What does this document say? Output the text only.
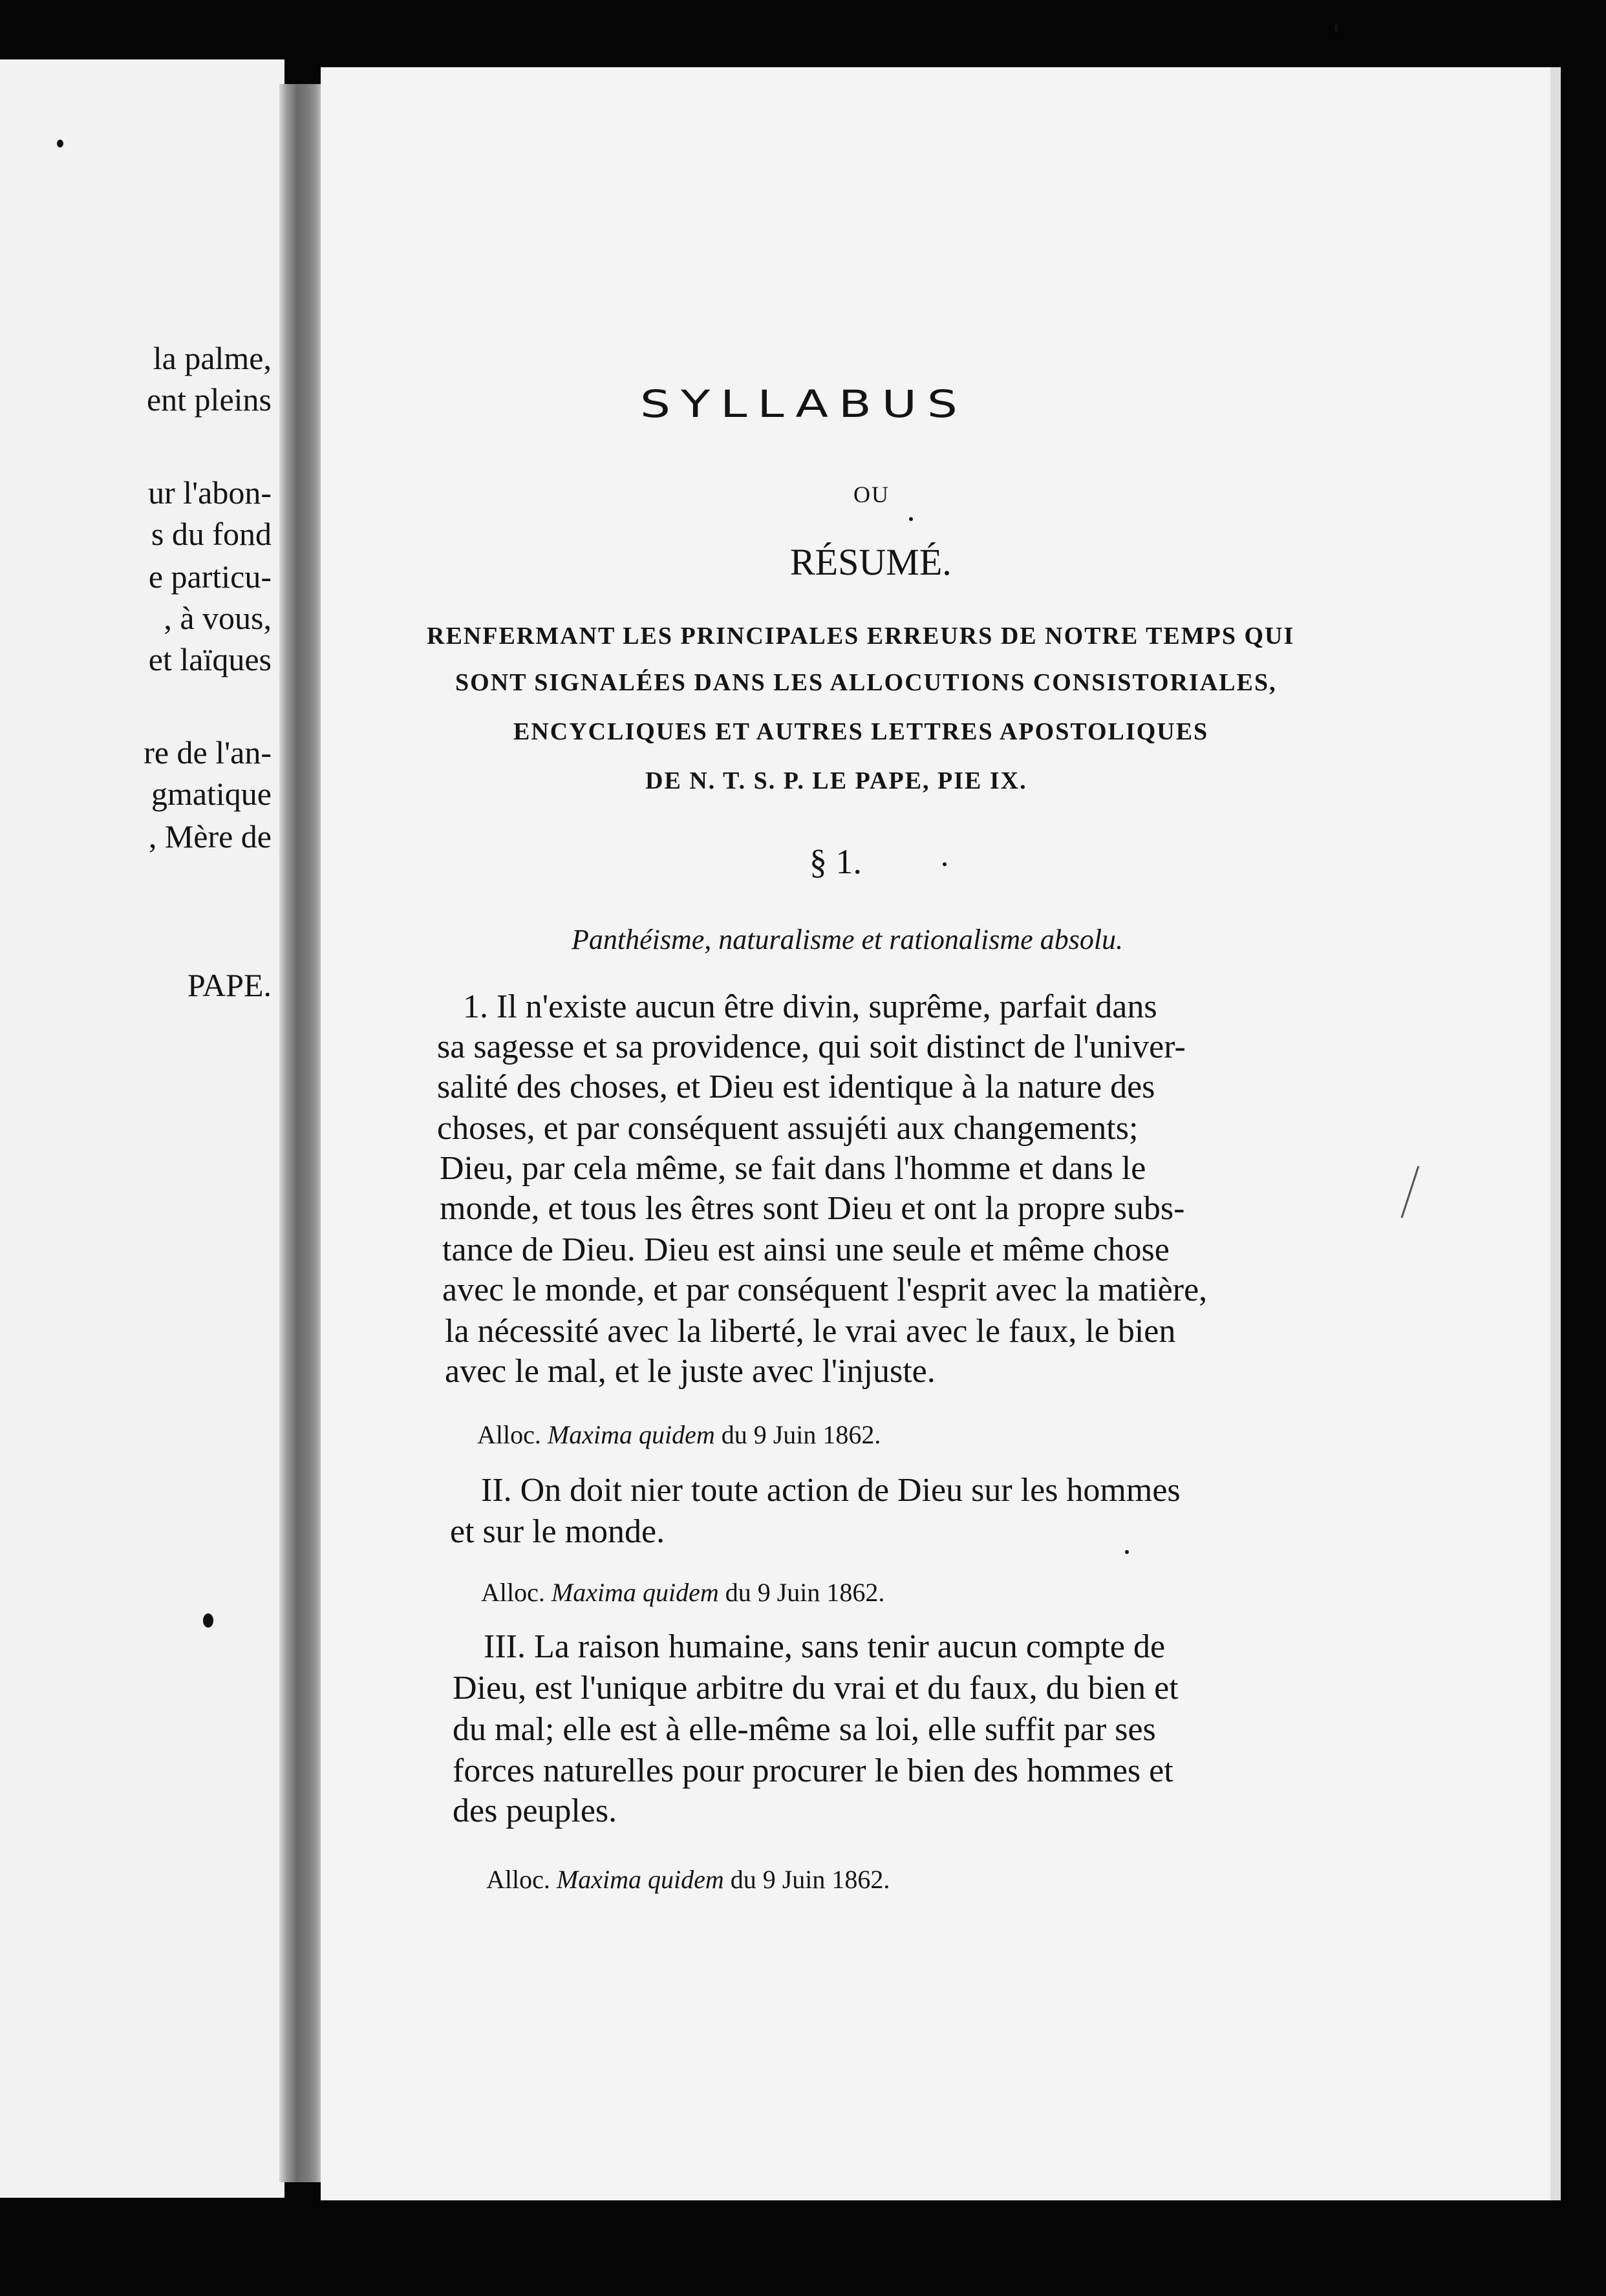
la palme,
ent pleins
ur l'abon-
s du fond
e particu-
, à vous,
et laïques
re de l'an-
gmatique
, Mère de
PAPE.
SYLLABUS
OU
RÉSUMÉ.
RENFERMANT LES PRINCIPALES ERREURS DE NOTRE TEMPS QUI
SONT SIGNALÉES DANS LES ALLOCUTIONS CONSISTORIALES,
ENCYCLIQUES ET AUTRES LETTRES APOSTOLIQUES
DE N. T. S. P. LE PAPE, PIE IX.
§ 1.
Panthéisme, naturalisme et rationalisme absolu.
1. Il n'existe aucun être divin, suprême, parfait dans
sa sagesse et sa providence, qui soit distinct de l'univer-
salité des choses, et Dieu est identique à la nature des
choses, et par conséquent assujéti aux changements;
Dieu, par cela même, se fait dans l'homme et dans le
monde, et tous les êtres sont Dieu et ont la propre subs-
tance de Dieu. Dieu est ainsi une seule et même chose
avec le monde, et par conséquent l'esprit avec la matière,
la nécessité avec la liberté, le vrai avec le faux, le bien
avec le mal, et le juste avec l'injuste.
Alloc. Maxima quidem du 9 Juin 1862.
II. On doit nier toute action de Dieu sur les hommes
et sur le monde.
Alloc. Maxima quidem du 9 Juin 1862.
III. La raison humaine, sans tenir aucun compte de
Dieu, est l'unique arbitre du vrai et du faux, du bien et
du mal; elle est à elle-même sa loi, elle suffit par ses
forces naturelles pour procurer le bien des hommes et
des peuples.
Alloc. Maxima quidem du 9 Juin 1862.
